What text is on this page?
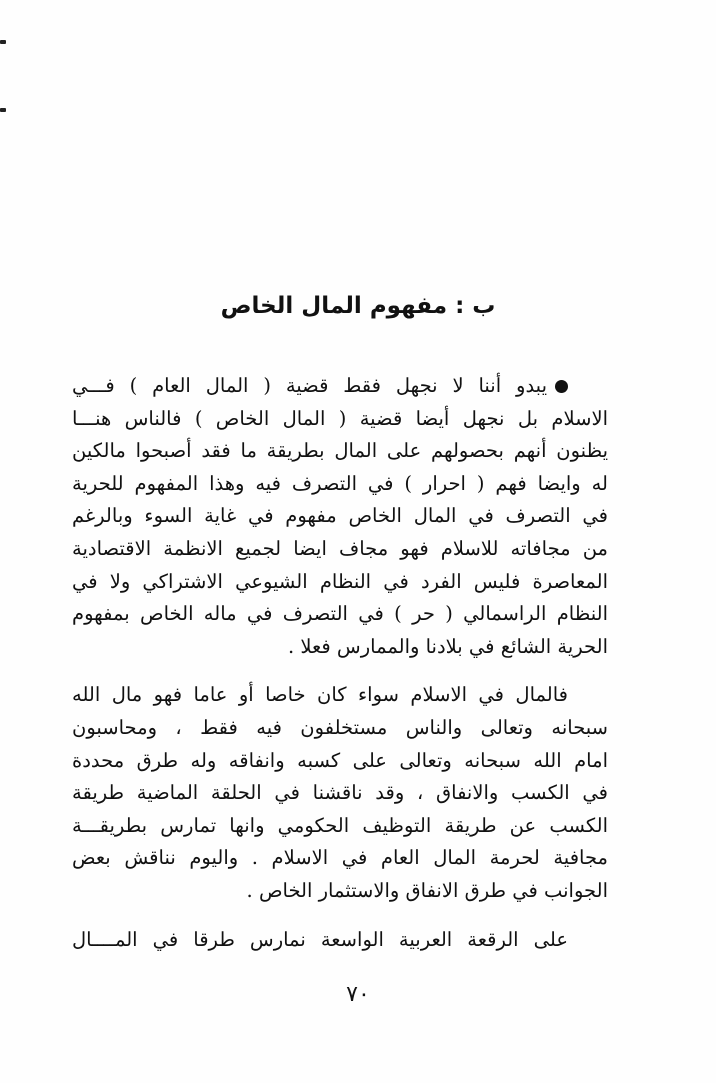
ب : مفهوم المال الخاص
يبدو أننا لا نجهل فقط قضية ( المال العام ) فـــي
الاسلام بل نجهل أيضا قضية ( المال الخاص ) فالناس هنـــا
يظنون أنهم بحصولهم على المال بطريقة ما فقد أصبحوا مالكين
له وايضا فهم ( احرار ) في التصرف فيه وهذا المفهوم للحرية
في التصرف في المال الخاص مفهوم في غاية السوء وبالرغم
من مجافاته للاسلام فهو مجاف ايضا لجميع الانظمة الاقتصادية
المعاصرة فليس الفرد في النظام الشيوعي الاشتراكي ولا في
النظام الراسمالي ( حر ) في التصرف في ماله الخاص بمفهوم
الحرية الشائع في بلادنا والممارس فعلا .
فالمال في الاسلام سواء كان خاصا أو عاما فهو مال الله
سبحانه وتعالى والناس مستخلفون فيه فقط ، ومحاسبون
امام الله سبحانه وتعالى على كسبه وانفاقه وله طرق محددة
في الكسب والانفاق ، وقد ناقشنا في الحلقة الماضية طريقة
الكسب عن طريقة التوظيف الحكومي وانها تمارس بطريقـــة
مجافية لحرمة المال العام في الاسلام . واليوم نناقش بعض
الجوانب في طرق الانفاق والاستثمار الخاص .
على الرقعة العربية الواسعة نمارس طرقا في المــــال
٧٠
